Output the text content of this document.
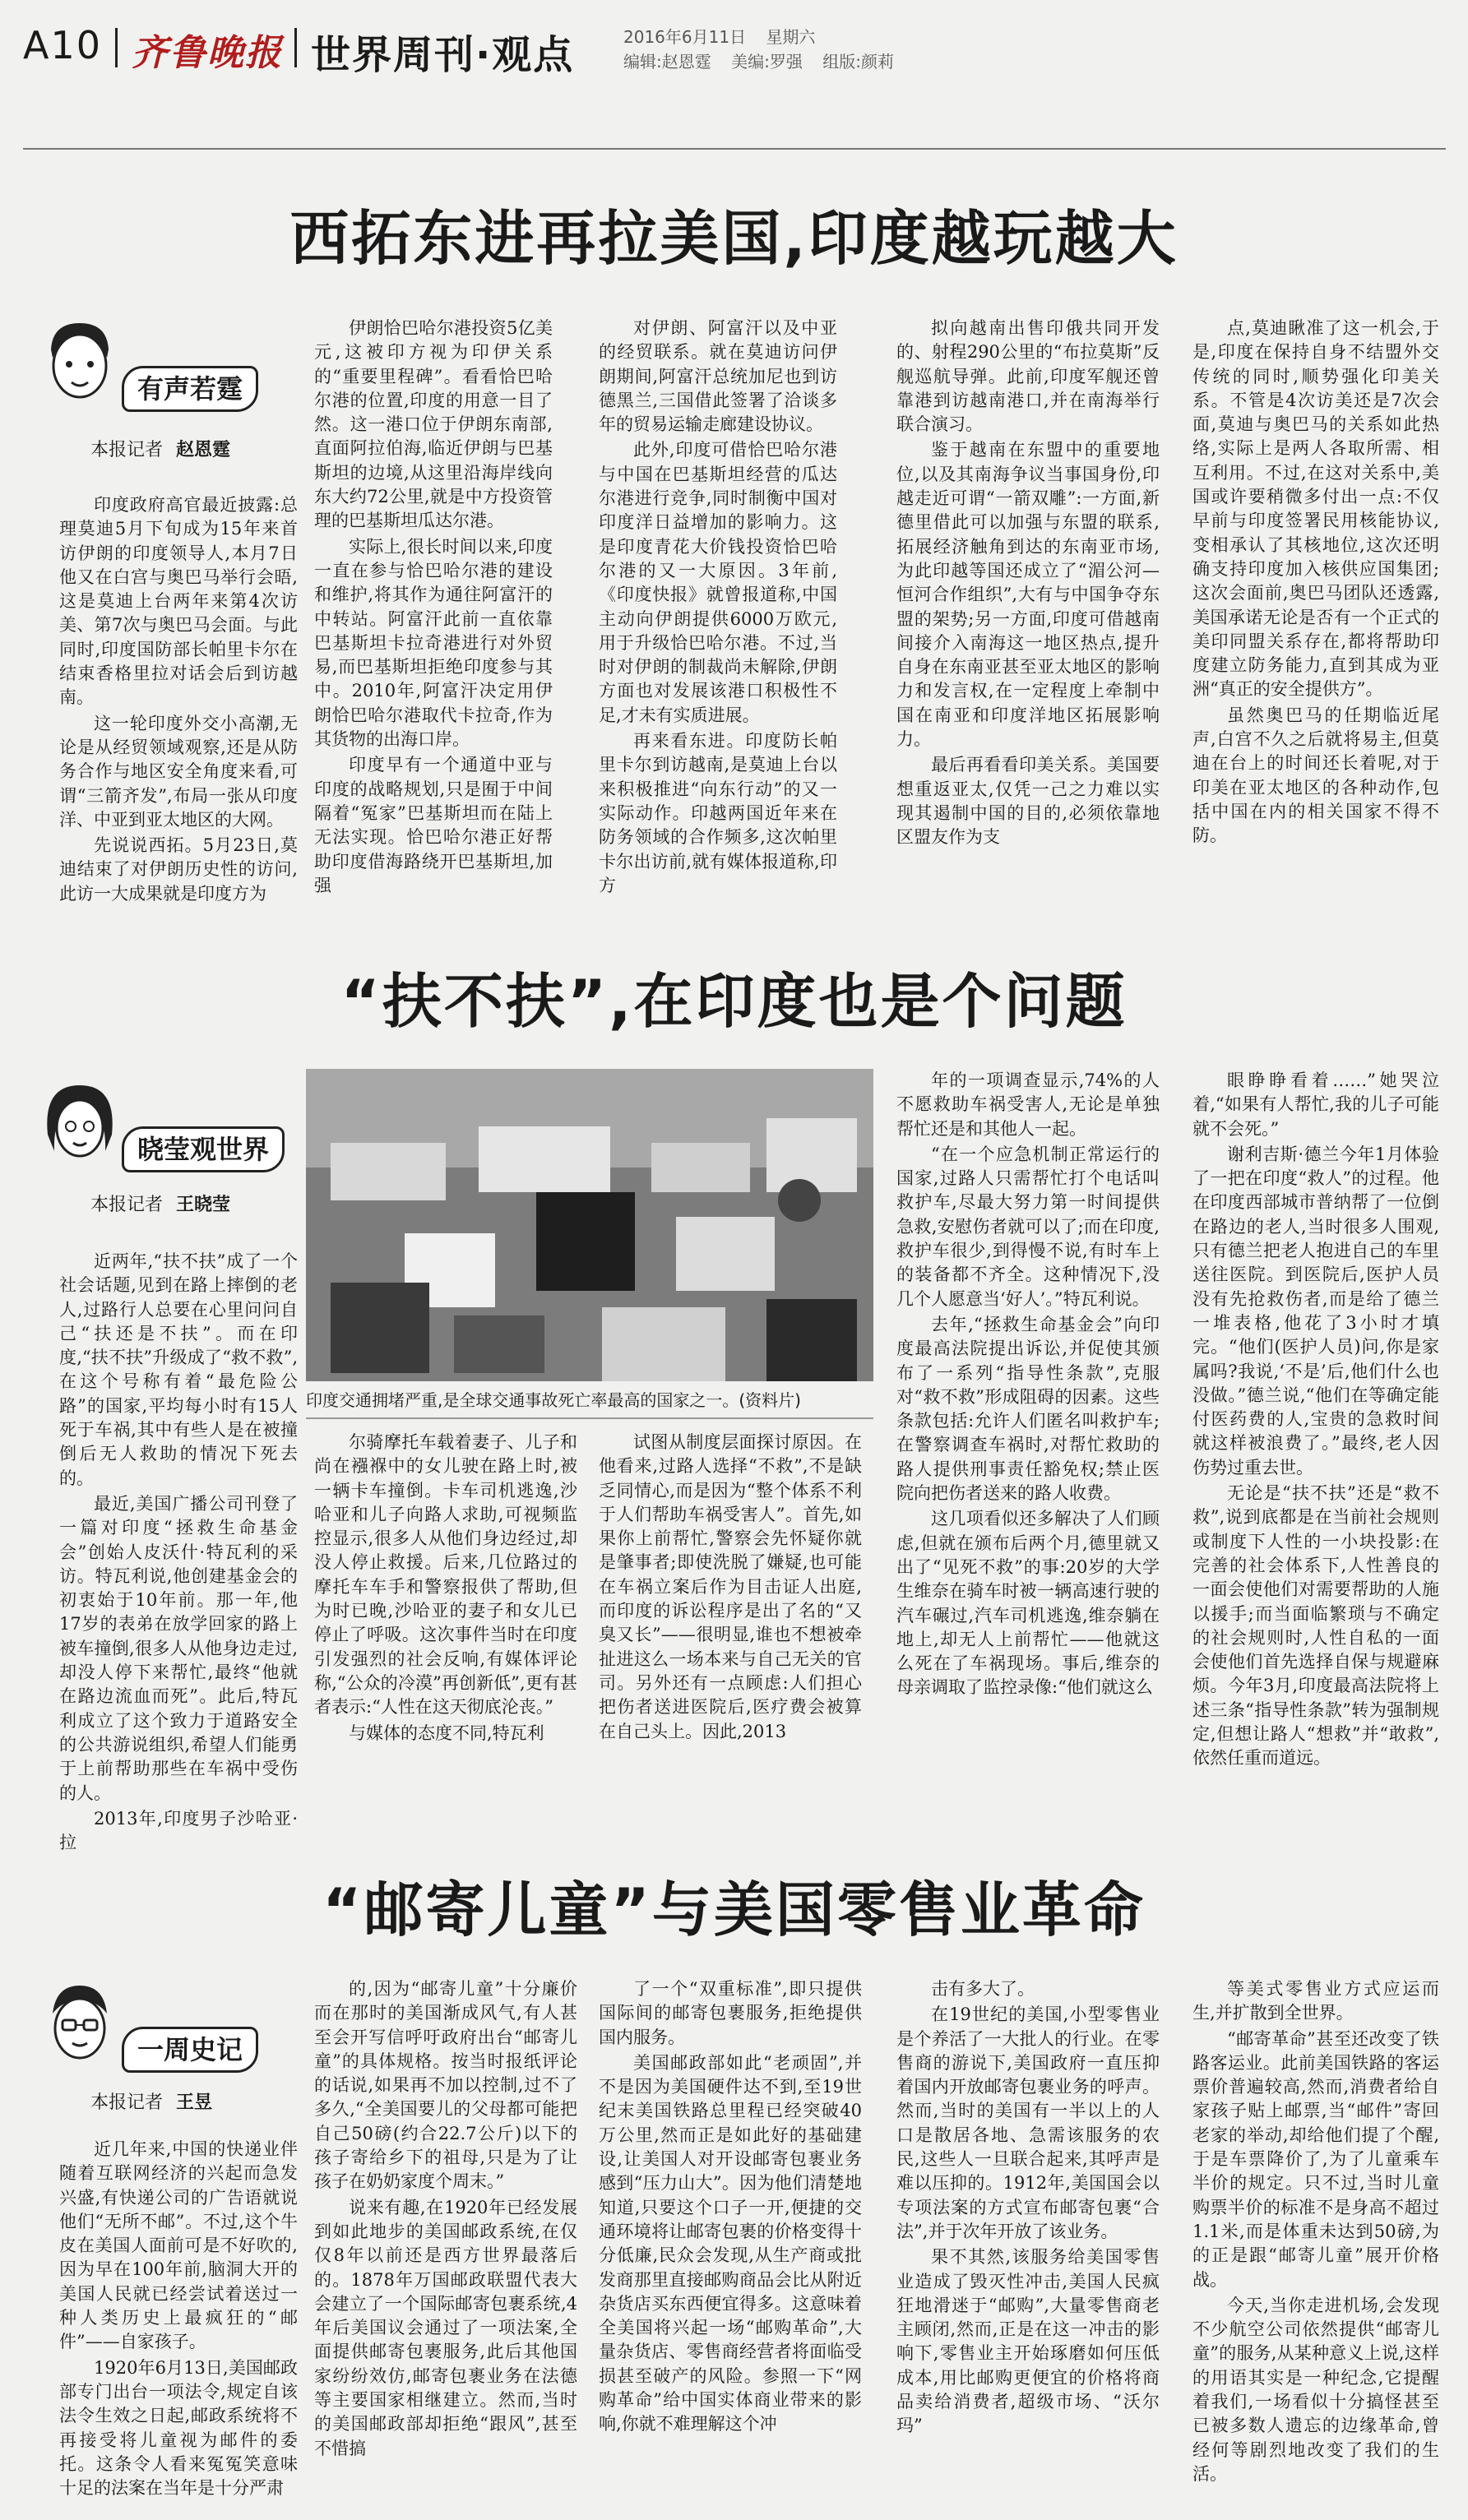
A10 齐鲁晚报 世界周刊·观点	2016年6月11日 星期六
编辑:赵恩霆 美编:罗强 组版:颜莉
西拓东进再拉美国,印度越玩越大
有声若霆
本报记者 赵恩霆

印度政府高官最近披露:总理莫迪5月下旬成为15年来首访伊朗的印度领导人,本月7日他又在白宫与奥巴马举行会晤,这是莫迪上台两年来第4次访美、第7次与奥巴马会面。与此同时,印度国防部长帕里卡尔在结束香格里拉对话会后到访越南。

这一轮印度外交小高潮,无论是从经贸领域观察,还是从防务合作与地区安全角度来看,可谓“三箭齐发”,布局一张从印度洋、中亚到亚太地区的大网。

先说说西拓。5月23日,莫迪结束了对伊朗历史性的访问,此访一大成果就是印度方为

伊朗恰巴哈尔港投资5亿美元,这被印方视为印伊关系的“重要里程碑”。看看恰巴哈尔港的位置,印度的用意一目了然。这一港口位于伊朗东南部,直面阿拉伯海,临近伊朗与巴基斯坦的边境,从这里沿海岸线向东大约72公里,就是中方投资管理的巴基斯坦瓜达尔港。

实际上,很长时间以来,印度一直在参与恰巴哈尔港的建设和维护,将其作为通往阿富汗的中转站。阿富汗此前一直依靠巴基斯坦卡拉奇港进行对外贸易,而巴基斯坦拒绝印度参与其中。2010年,阿富汗决定用伊朗恰巴哈尔港取代卡拉奇,作为其货物的出海口岸。

印度早有一个通道中亚与印度的战略规划,只是囿于中间隔着“冤家”巴基斯坦而在陆上无法实现。恰巴哈尔港正好帮助印度借海路绕开巴基斯坦,加强

对伊朗、阿富汗以及中亚的经贸联系。就在莫迪访问伊朗期间,阿富汗总统加尼也到访德黑兰,三国借此签署了洽谈多年的贸易运输走廊建设协议。

此外,印度可借恰巴哈尔港与中国在巴基斯坦经营的瓜达尔港进行竞争,同时制衡中国对印度洋日益增加的影响力。这是印度青花大价钱投资恰巴哈尔港的又一大原因。3年前,《印度快报》就曾报道称,中国主动向伊朗提供6000万欧元,用于升级恰巴哈尔港。不过,当时对伊朗的制裁尚未解除,伊朗方面也对发展该港口积极性不足,才未有实质进展。

再来看东进。印度防长帕里卡尔到访越南,是莫迪上台以来积极推进“向东行动”的又一实际动作。印越两国近年来在防务领域的合作频多,这次帕里卡尔出访前,就有媒体报道称,印方

拟向越南出售印俄共同开发的、射程290公里的“布拉莫斯”反舰巡航导弹。此前,印度军舰还曾靠港到访越南港口,并在南海举行联合演习。

鉴于越南在东盟中的重要地位,以及其南海争议当事国身份,印越走近可谓“一箭双雕”:一方面,新德里借此可以加强与东盟的联系,拓展经济触角到达的东南亚市场,为此印越等国还成立了“湄公河—恒河合作组织”,大有与中国争夺东盟的架势;另一方面,印度可借越南间接介入南海这一地区热点,提升自身在东南亚甚至亚太地区的影响力和发言权,在一定程度上牵制中国在南亚和印度洋地区拓展影响力。

最后再看看印美关系。美国要想重返亚太,仅凭一己之力难以实现其遏制中国的目的,必须依靠地区盟友作为支

点,莫迪瞅准了这一机会,于是,印度在保持自身不结盟外交传统的同时,顺势强化印美关系。不管是4次访美还是7次会面,莫迪与奥巴马的关系如此热络,实际上是两人各取所需、相互利用。不过,在这对关系中,美国或许要稍微多付出一点:不仅早前与印度签署民用核能协议,变相承认了其核地位,这次还明确支持印度加入核供应国集团;这次会面前,奥巴马团队还透露,美国承诺无论是否有一个正式的美印同盟关系存在,都将帮助印度建立防务能力,直到其成为亚洲“真正的安全提供方”。

虽然奥巴马的任期临近尾声,白宫不久之后就将易主,但莫迪在台上的时间还长着呢,对于印美在亚太地区的各种动作,包括中国在内的相关国家不得不防。

“扶不扶”,在印度也是个问题
晓莹观世界
本报记者 王晓莹
印度交通拥堵严重,是全球交通事故死亡率最高的国家之一。(资料片)

近两年,“扶不扶”成了一个社会话题,见到在路上摔倒的老人,过路行人总要在心里问问自己“扶还是不扶”。而在印度,“扶不扶”升级成了“救不救”,在这个号称有着“最危险公路”的国家,平均每小时有15人死于车祸,其中有些人是在被撞倒后无人救助的情况下死去的。

最近,美国广播公司刊登了一篇对印度“拯救生命基金会”创始人皮沃什·特瓦利的采访。特瓦利说,他创建基金会的初衷始于10年前。那一年,他17岁的表弟在放学回家的路上被车撞倒,很多人从他身边走过,却没人停下来帮忙,最终“他就在路边流血而死”。此后,特瓦利成立了这个致力于道路安全的公共游说组织,希望人们能勇于上前帮助那些在车祸中受伤的人。

2013年,印度男子沙哈亚·拉

尔骑摩托车载着妻子、儿子和尚在襁褓中的女儿驶在路上时,被一辆卡车撞倒。卡车司机逃逸,沙哈亚和儿子向路人求助,可视频监控显示,很多人从他们身边经过,却没人停止救援。后来,几位路过的摩托车车手和警察报供了帮助,但为时已晚,沙哈亚的妻子和女儿已停止了呼吸。这次事件当时在印度引发强烈的社会反响,有媒体评论称,“公众的冷漠”再创新低”,更有甚者表示:“人性在这天彻底沦丧。”

与媒体的态度不同,特瓦利

试图从制度层面探讨原因。在他看来,过路人选择“不救”,不是缺乏同情心,而是因为“整个体系不利于人们帮助车祸受害人”。首先,如果你上前帮忙,警察会先怀疑你就是肇事者;即使洗脱了嫌疑,也可能在车祸立案后作为目击证人出庭,而印度的诉讼程序是出了名的“又臭又长”——很明显,谁也不想被牵扯进这么一场本来与自己无关的官司。另外还有一点顾虑:人们担心把伤者送进医院后,医疗费会被算在自己头上。因此,2013

年的一项调查显示,74%的人不愿救助车祸受害人,无论是单独帮忙还是和其他人一起。

“在一个应急机制正常运行的国家,过路人只需帮忙打个电话叫救护车,尽最大努力第一时间提供急救,安慰伤者就可以了;而在印度,救护车很少,到得慢不说,有时车上的装备都不齐全。这种情况下,没几个人愿意当‘好人’。”特瓦利说。

去年,“拯救生命基金会”向印度最高法院提出诉讼,并促使其颁布了一系列“指导性条款”,克服对“救不救”形成阻碍的因素。这些条款包括:允许人们匿名叫救护车;在警察调查车祸时,对帮忙救助的路人提供刑事责任豁免权;禁止医院向把伤者送来的路人收费。

这几项看似还多解决了人们顾虑,但就在颁布后两个月,德里就又出了“见死不救”的事:20岁的大学生维奈在骑车时被一辆高速行驶的汽车碾过,汽车司机逃逸,维奈躺在地上,却无人上前帮忙——他就这么死在了车祸现场。事后,维奈的母亲调取了监控录像:“他们就这么

眼睁睁看着……”她哭泣着,“如果有人帮忙,我的儿子可能就不会死。”

谢利吉斯·德兰今年1月体验了一把在印度“救人”的过程。他在印度西部城市普纳帮了一位倒在路边的老人,当时很多人围观,只有德兰把老人抱进自己的车里送往医院。到医院后,医护人员没有先抢救伤者,而是给了德兰一堆表格,他花了3小时才填完。“他们(医护人员)问,你是家属吗?我说,‘不是’后,他们什么也没做。”德兰说,“他们在等确定能付医药费的人,宝贵的急救时间就这样被浪费了。”最终,老人因伤势过重去世。

无论是“扶不扶”还是“救不救”,说到底都是在当前社会规则或制度下人性的一小块投影:在完善的社会体系下,人性善良的一面会使他们对需要帮助的人施以援手;而当面临繁琐与不确定的社会规则时,人性自私的一面会使他们首先选择自保与规避麻烦。今年3月,印度最高法院将上述三条“指导性条款”转为强制规定,但想让路人“想救”并“敢救”,依然任重而道远。

“邮寄儿童”与美国零售业革命
一周史记
本报记者 王昱

近几年来,中国的快递业伴随着互联网经济的兴起而急发兴盛,有快递公司的广告语就说他们“无所不邮”。不过,这个牛皮在美国人面前可是不好吹的,因为早在100年前,脑洞大开的美国人民就已经尝试着送过一种人类历史上最疯狂的“邮件”——自家孩子。

1920年6月13日,美国邮政部专门出台一项法令,规定自该法令生效之日起,邮政系统将不再接受将儿童视为邮件的委托。这条令人看来冤冤笑意味十足的法案在当年是十分严肃

的,因为“邮寄儿童”十分廉价而在那时的美国渐成风气,有人甚至会开写信呼吁政府出台“邮寄儿童”的具体规格。按当时报纸评论的话说,如果再不加以控制,过不了多久,“全美国要儿的父母都可能把自己50磅(约合22.7公斤)以下的孩子寄给乡下的祖母,只是为了让孩子在奶奶家度个周末。”

说来有趣,在1920年已经发展到如此地步的美国邮政系统,在仅仅8年以前还是西方世界最落后的。1878年万国邮政联盟代表大会建立了一个国际邮寄包裹系统,4年后美国议会通过了一项法案,全面提供邮寄包裹服务,此后其他国家纷纷效仿,邮寄包裹业务在法德等主要国家相继建立。然而,当时的美国邮政部却拒绝“跟风”,甚至不惜搞

了一个“双重标准”,即只提供国际间的邮寄包裹服务,拒绝提供国内服务。

美国邮政部如此“老顽固”,并不是因为美国硬件达不到,至19世纪末美国铁路总里程已经突破40万公里,然而正是如此好的基础建设,让美国人对开设邮寄包裹业务感到“压力山大”。因为他们清楚地知道,只要这个口子一开,便捷的交通环境将让邮寄包裹的价格变得十分低廉,民众会发现,从生产商或批发商那里直接邮购商品会比从附近杂货店买东西便宜得多。这意味着全美国将兴起一场“邮购革命”,大量杂货店、零售商经营者将面临受损甚至破产的风险。参照一下“网购革命”给中国实体商业带来的影响,你就不难理解这个冲

击有多大了。

在19世纪的美国,小型零售业是个养活了一大批人的行业。在零售商的游说下,美国政府一直压抑着国内开放邮寄包裹业务的呼声。然而,当时的美国有一半以上的人口是散居各地、急需该服务的农民,这些人一旦联合起来,其呼声是难以压抑的。1912年,美国国会以专项法案的方式宣布邮寄包裹“合法”,并于次年开放了该业务。

果不其然,该服务给美国零售业造成了毁灭性冲击,美国人民疯狂地滑迷于“邮购”,大量零售商老主顾闭,然而,正是在这一冲击的影响下,零售业主开始琢磨如何压低成本,用比邮购更便宜的价格将商品卖给消费者,超级市场、“沃尔玛”

等美式零售业方式应运而生,并扩散到全世界。

“邮寄革命”甚至还改变了铁路客运业。此前美国铁路的客运票价普遍较高,然而,消费者给自家孩子贴上邮票,当“邮件”寄回老家的举动,却给他们提了个醒,于是车票降价了,为了儿童乘车半价的规定。只不过,当时儿童购票半价的标准不是身高不超过1.1米,而是体重未达到50磅,为的正是跟“邮寄儿童”展开价格战。

今天,当你走进机场,会发现不少航空公司依然提供“邮寄儿童”的服务,从某种意义上说,这样的用语其实是一种纪念,它提醒着我们,一场看似十分搞怪甚至已被多数人遗忘的边缘革命,曾经何等剧烈地改变了我们的生活。
